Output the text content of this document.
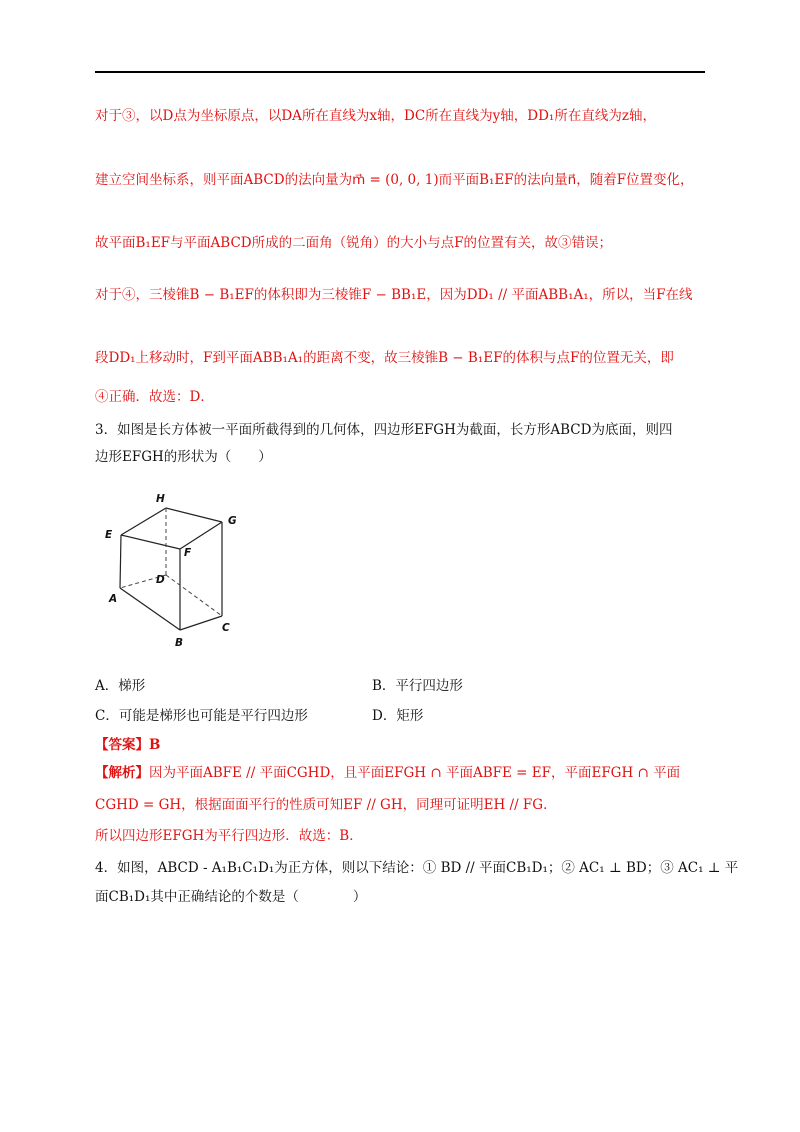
对于③，以D点为坐标原点，以DA所在直线为x轴，DC所在直线为y轴，DD₁所在直线为z轴，
建立空间坐标系，则平面ABCD的法向量为m⃗ = (0, 0, 1)而平面B₁EF的法向量n⃗，随着F位置变化，
故平面B₁EF与平面ABCD所成的二面角（锐角）的大小与点F的位置有关，故③错误；
对于④，三棱锥B − B₁EF的体积即为三棱锥F − BB₁E，因为DD₁ // 平面ABB₁A₁，所以，当F在线
段DD₁上移动时，F到平面ABB₁A₁的距离不变，故三棱锥B − B₁EF的体积与点F的位置无关，即
④正确．故选：D．
3．如图是长方体被一平面所截得到的几何体，四边形EFGH为截面，长方形ABCD为底面，则四
边形EFGH的形状为（　　）
H
G
E
F
D
A
B
C
A．梯形	B．平行四边形
C．可能是梯形也可能是平行四边形	D．矩形
【答案】B
【解析】因为平面ABFE // 平面CGHD，且平面EFGH ∩ 平面ABFE = EF，平面EFGH ∩ 平面
CGHD = GH，根据面面平行的性质可知EF // GH，同理可证明EH // FG．
所以四边形EFGH为平行四边形．故选：B．
4．如图，ABCD - A₁B₁C₁D₁为正方体，则以下结论：① BD // 平面CB₁D₁；② AC₁ ⊥ BD；③ AC₁ ⊥ 平
面CB₁D₁其中正确结论的个数是（　　　　）
